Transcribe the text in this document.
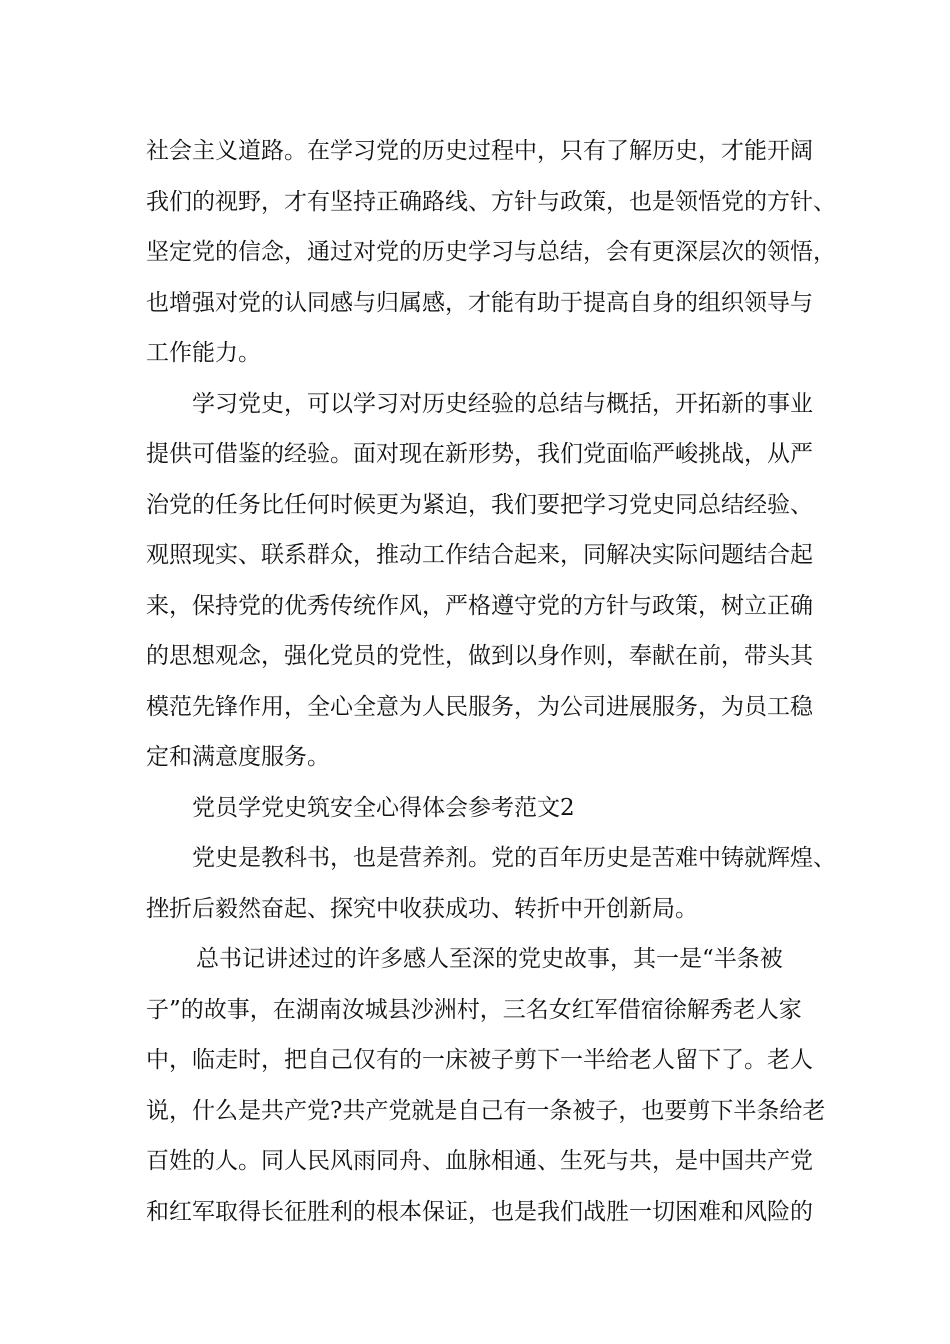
社会主义道路。在学习党的历史过程中，只有了解历史，才能开阔
我们的视野，才有坚持正确路线、方针与政策，也是领悟党的方针、
坚定党的信念，通过对党的历史学习与总结，会有更深层次的领悟，
也增强对党的认同感与归属感，才能有助于提高自身的组织领导与
工作能力。
学习党史，可以学习对历史经验的总结与概括，开拓新的事业
提供可借鉴的经验。面对现在新形势，我们党面临严峻挑战，从严
治党的任务比任何时候更为紧迫，我们要把学习党史同总结经验、
观照现实、联系群众，推动工作结合起来，同解决实际问题结合起
来，保持党的优秀传统作风，严格遵守党的方针与政策，树立正确
的思想观念，强化党员的党性，做到以身作则，奉献在前，带头其
模范先锋作用，全心全意为人民服务，为公司进展服务，为员工稳
定和满意度服务。
党员学党史筑安全心得体会参考范文2
党史是教科书，也是营养剂。党的百年历史是苦难中铸就辉煌、
挫折后毅然奋起、探究中收获成功、转折中开创新局。
总书记讲述过的许多感人至深的党史故事，其一是“半条被
子”的故事，在湖南汝城县沙洲村，三名女红军借宿徐解秀老人家
中，临走时，把自己仅有的一床被子剪下一半给老人留下了。老人
说，什么是共产党?共产党就是自己有一条被子，也要剪下半条给老
百姓的人。同人民风雨同舟、血脉相通、生死与共，是中国共产党
和红军取得长征胜利的根本保证，也是我们战胜一切困难和风险的
